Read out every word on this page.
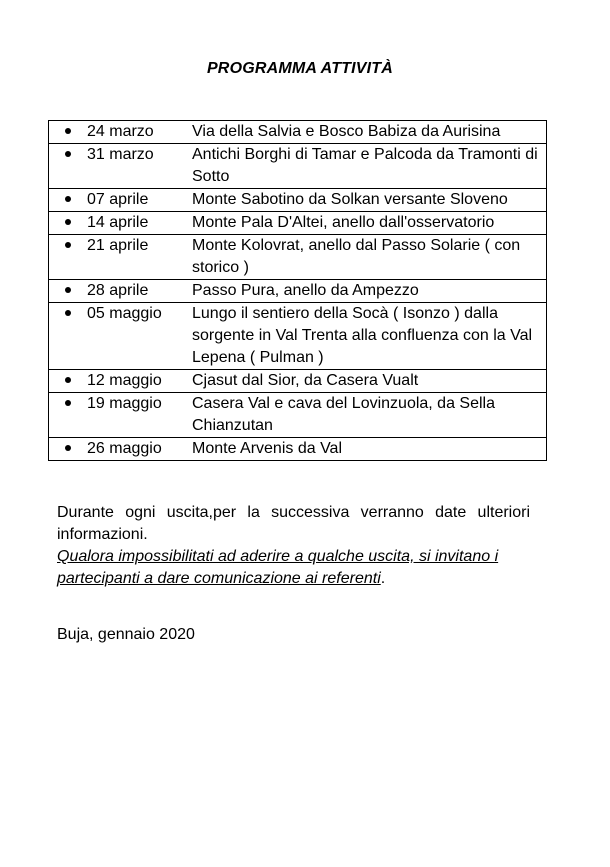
PROGRAMMA ATTIVITÀ
	24 marzo	Via della Salvia e Bosco Babiza da Aurisina
	31 marzo	Antichi Borghi di Tamar e Palcoda da Tramonti di Sotto
	07 aprile	Monte Sabotino da Solkan versante Sloveno
	14 aprile	Monte Pala D'Altei, anello dall'osservatorio
	21 aprile	Monte Kolovrat, anello dal Passo Solarie ( con storico )
	28 aprile	Passo Pura, anello da Ampezzo
	05 maggio	Lungo il sentiero della Socà ( Isonzo ) dalla sorgente in Val Trenta alla confluenza con la Val Lepena ( Pulman )
	12 maggio	Cjasut dal Sior, da Casera Vualt
	19 maggio	Casera Val e cava del Lovinzuola, da Sella Chianzutan
	26 maggio	Monte Arvenis da Val

Durante ogni uscita,per la successiva verranno date ulteriori informazioni.

Qualora impossibilitati ad aderire a qualche uscita, si invitano i partecipanti a dare comunicazione ai referenti.

Buja, gennaio 2020
